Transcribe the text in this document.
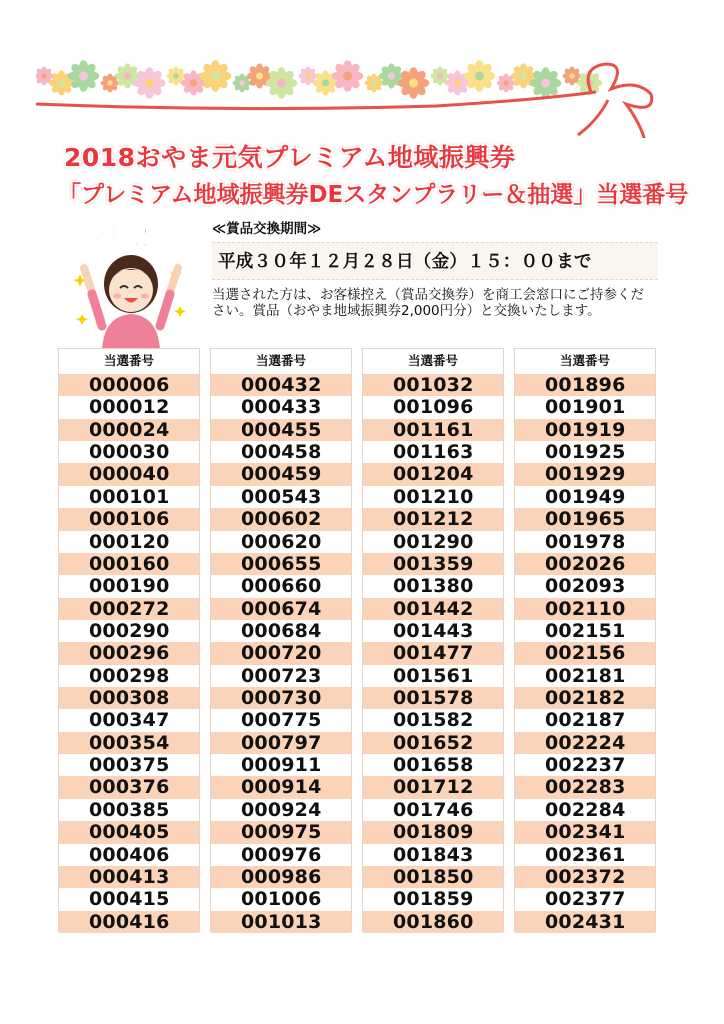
2018おやま元気プレミアム地域振興券
「プレミアム地域振興券DEスタンプラリー＆抽選」当選番号
当選！	≪賞品交換期間≫
平成３０年１２月２８日（金）１５：００まで
当選された方は、お客様控え（賞品交換券）を商工会窓口にご持参ください。賞品（おやま地域振興券2,000円分）と交換いたします。
当選番号
000006
000012
000024
000030
000040
000101
000106
000120
000160
000190
000272
000290
000296
000298
000308
000347
000354
000375
000376
000385
000405
000406
000413
000415
000416
当選番号
000432
000433
000455
000458
000459
000543
000602
000620
000655
000660
000674
000684
000720
000723
000730
000775
000797
000911
000914
000924
000975
000976
000986
001006
001013
当選番号
001032
001096
001161
001163
001204
001210
001212
001290
001359
001380
001442
001443
001477
001561
001578
001582
001652
001658
001712
001746
001809
001843
001850
001859
001860
当選番号
001896
001901
001919
001925
001929
001949
001965
001978
002026
002093
002110
002151
002156
002181
002182
002187
002224
002237
002283
002284
002341
002361
002372
002377
002431
